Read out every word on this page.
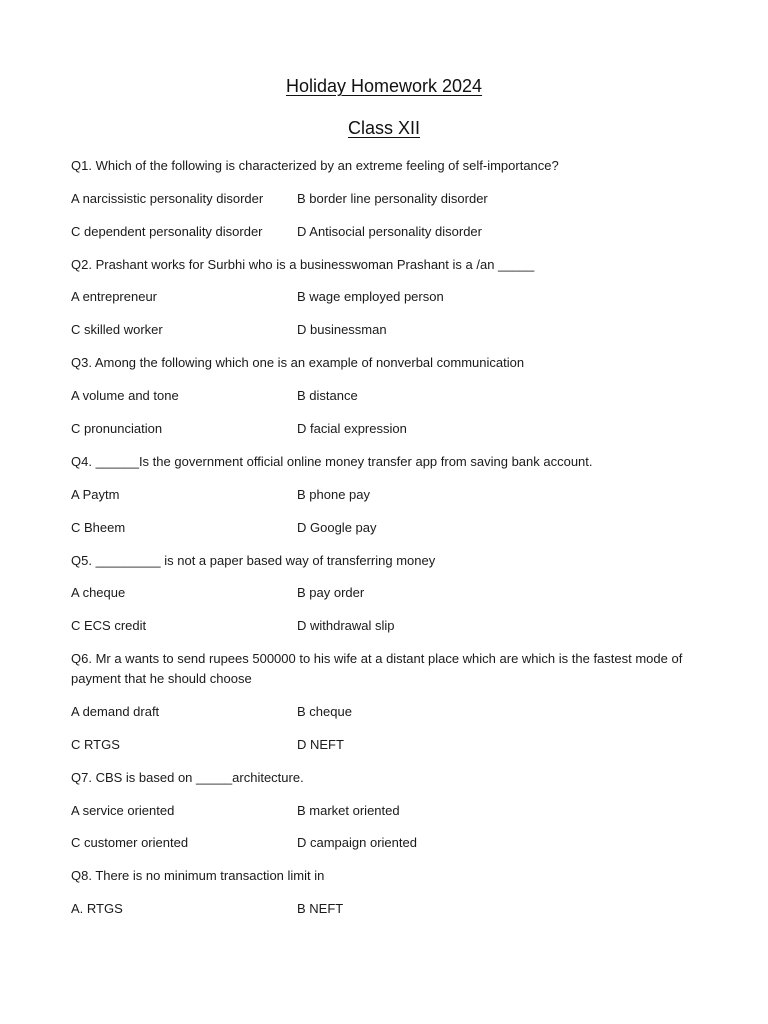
Holiday Homework 2024
Class XII
Q1. Which of the following is characterized by an extreme feeling of self-importance?
A narcissistic personality disorder	B border line personality disorder
C dependent personality disorder	D Antisocial personality disorder
Q2. Prashant works for Surbhi who is a businesswoman Prashant is a /an _____
A entrepreneur	B wage employed person
C skilled worker	D businessman
Q3. Among the following which one is an example of nonverbal communication
A volume and tone	B distance
C pronunciation	D facial expression
Q4. ______Is the government official online money transfer app from saving bank account.
A Paytm	B phone pay
C Bheem	D Google pay
Q5. _________ is not a paper based way of transferring money
A cheque	B pay order
C ECS credit	D withdrawal slip
Q6. Mr a wants to send rupees 500000 to his wife at a distant place which are which is the fastest mode of payment that he should choose
A demand draft	B cheque
C RTGS	D NEFT
Q7. CBS is based on _____architecture.
A service oriented	B market oriented
C customer oriented	D campaign oriented
Q8. There is no minimum transaction limit in
A. RTGS	B NEFT
